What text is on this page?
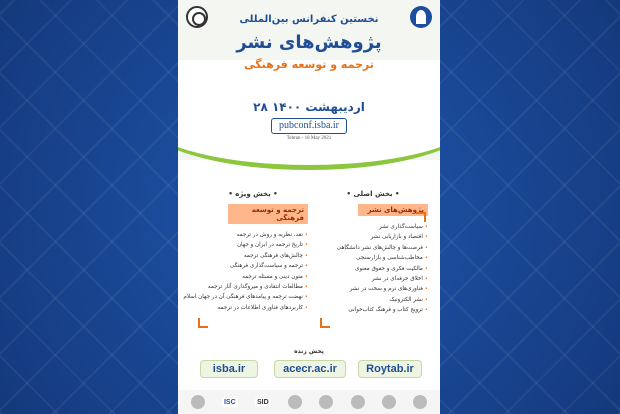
نخستین کنفرانس بین‌المللی
پژوهش‌های نشر
ترجمه و توسعه فرهنگی
۲۸ اردیبهشت ۱۴۰۰
pubconf.isba.ir
Tehran - 18 May 2021
• بخش اصلی •
پژوهش‌های نشر
• سیاست‌گذاری نشر
• اقتصاد و بازاریابی نشر
• فرصت‌ها و چالش‌های نشر دانشگاهی
• مخاطب‌شناسی و بازارسنجی
• مالکیت فکری و حقوق معنوی
• اخلاق حرفه‌ای در نشر
• فناوری‌های نرم و سخت در نشر
• نشر الکترونیک
• ترویج کتاب و فرهنگ کتاب‌خوانی
• بخش ویژه •
ترجمه و توسعه فرهنگی
• نقد، نظریه و روش در ترجمه
• تاریخ ترجمه در ایران و جهان
• چالش‌های فرهنگی ترجمه
• ترجمه و سیاست‌گذاری فرهنگی
• متون دینی و مسئله ترجمه
• مطالعات انتقادی و میروگذاری آثار ترجمه
• نهضت ترجمه و پیامدهای فرهنگی آن در جهان اسلام
• کاربردهای فناوری اطلاعات در ترجمه
پخش زنده
isba.ir	acecr.ac.ir	Roytab.ir
ISC	SID
